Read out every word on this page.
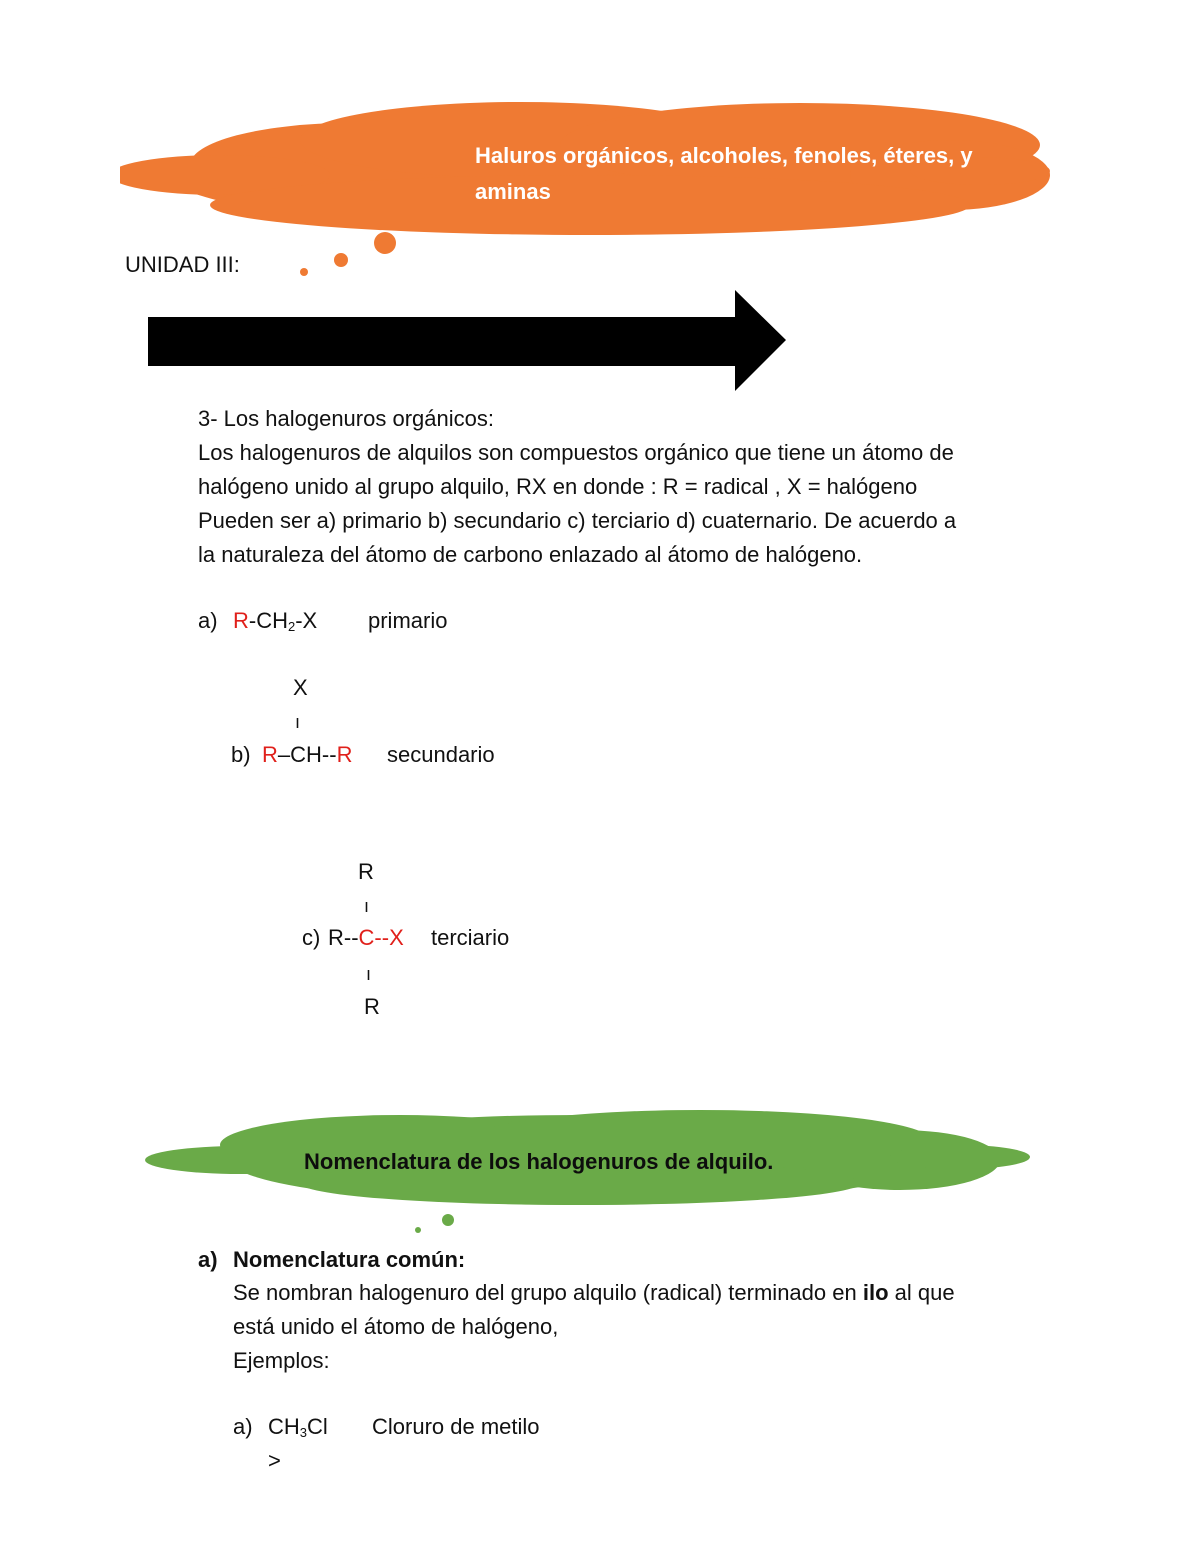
Haluros orgánicos, alcoholes, fenoles, éteres, y aminas
UNIDAD III:
3- Los halogenuros orgánicos:
Los halogenuros de alquilos son compuestos orgánico que tiene un átomo de
halógeno unido al grupo alquilo, RX en donde : R = radical , X = halógeno
Pueden ser a) primario b) secundario c) terciario d) cuaternario. De acuerdo a
la naturaleza del átomo de carbono enlazado al átomo de halógeno.
a) $R-CH_2-X$ primario
X
ı
b) R–CH--R secundario
R
ı
c) R--C--X terciario
ı
R
Nomenclatura de los halogenuros de alquilo.
a) Nomenclatura común:
Se nombran halogenuro del grupo alquilo (radical) terminado en ilo al que
está unido el átomo de halógeno,
Ejemplos:
a) $CH_3Cl$ Cloruro de metilo
>
